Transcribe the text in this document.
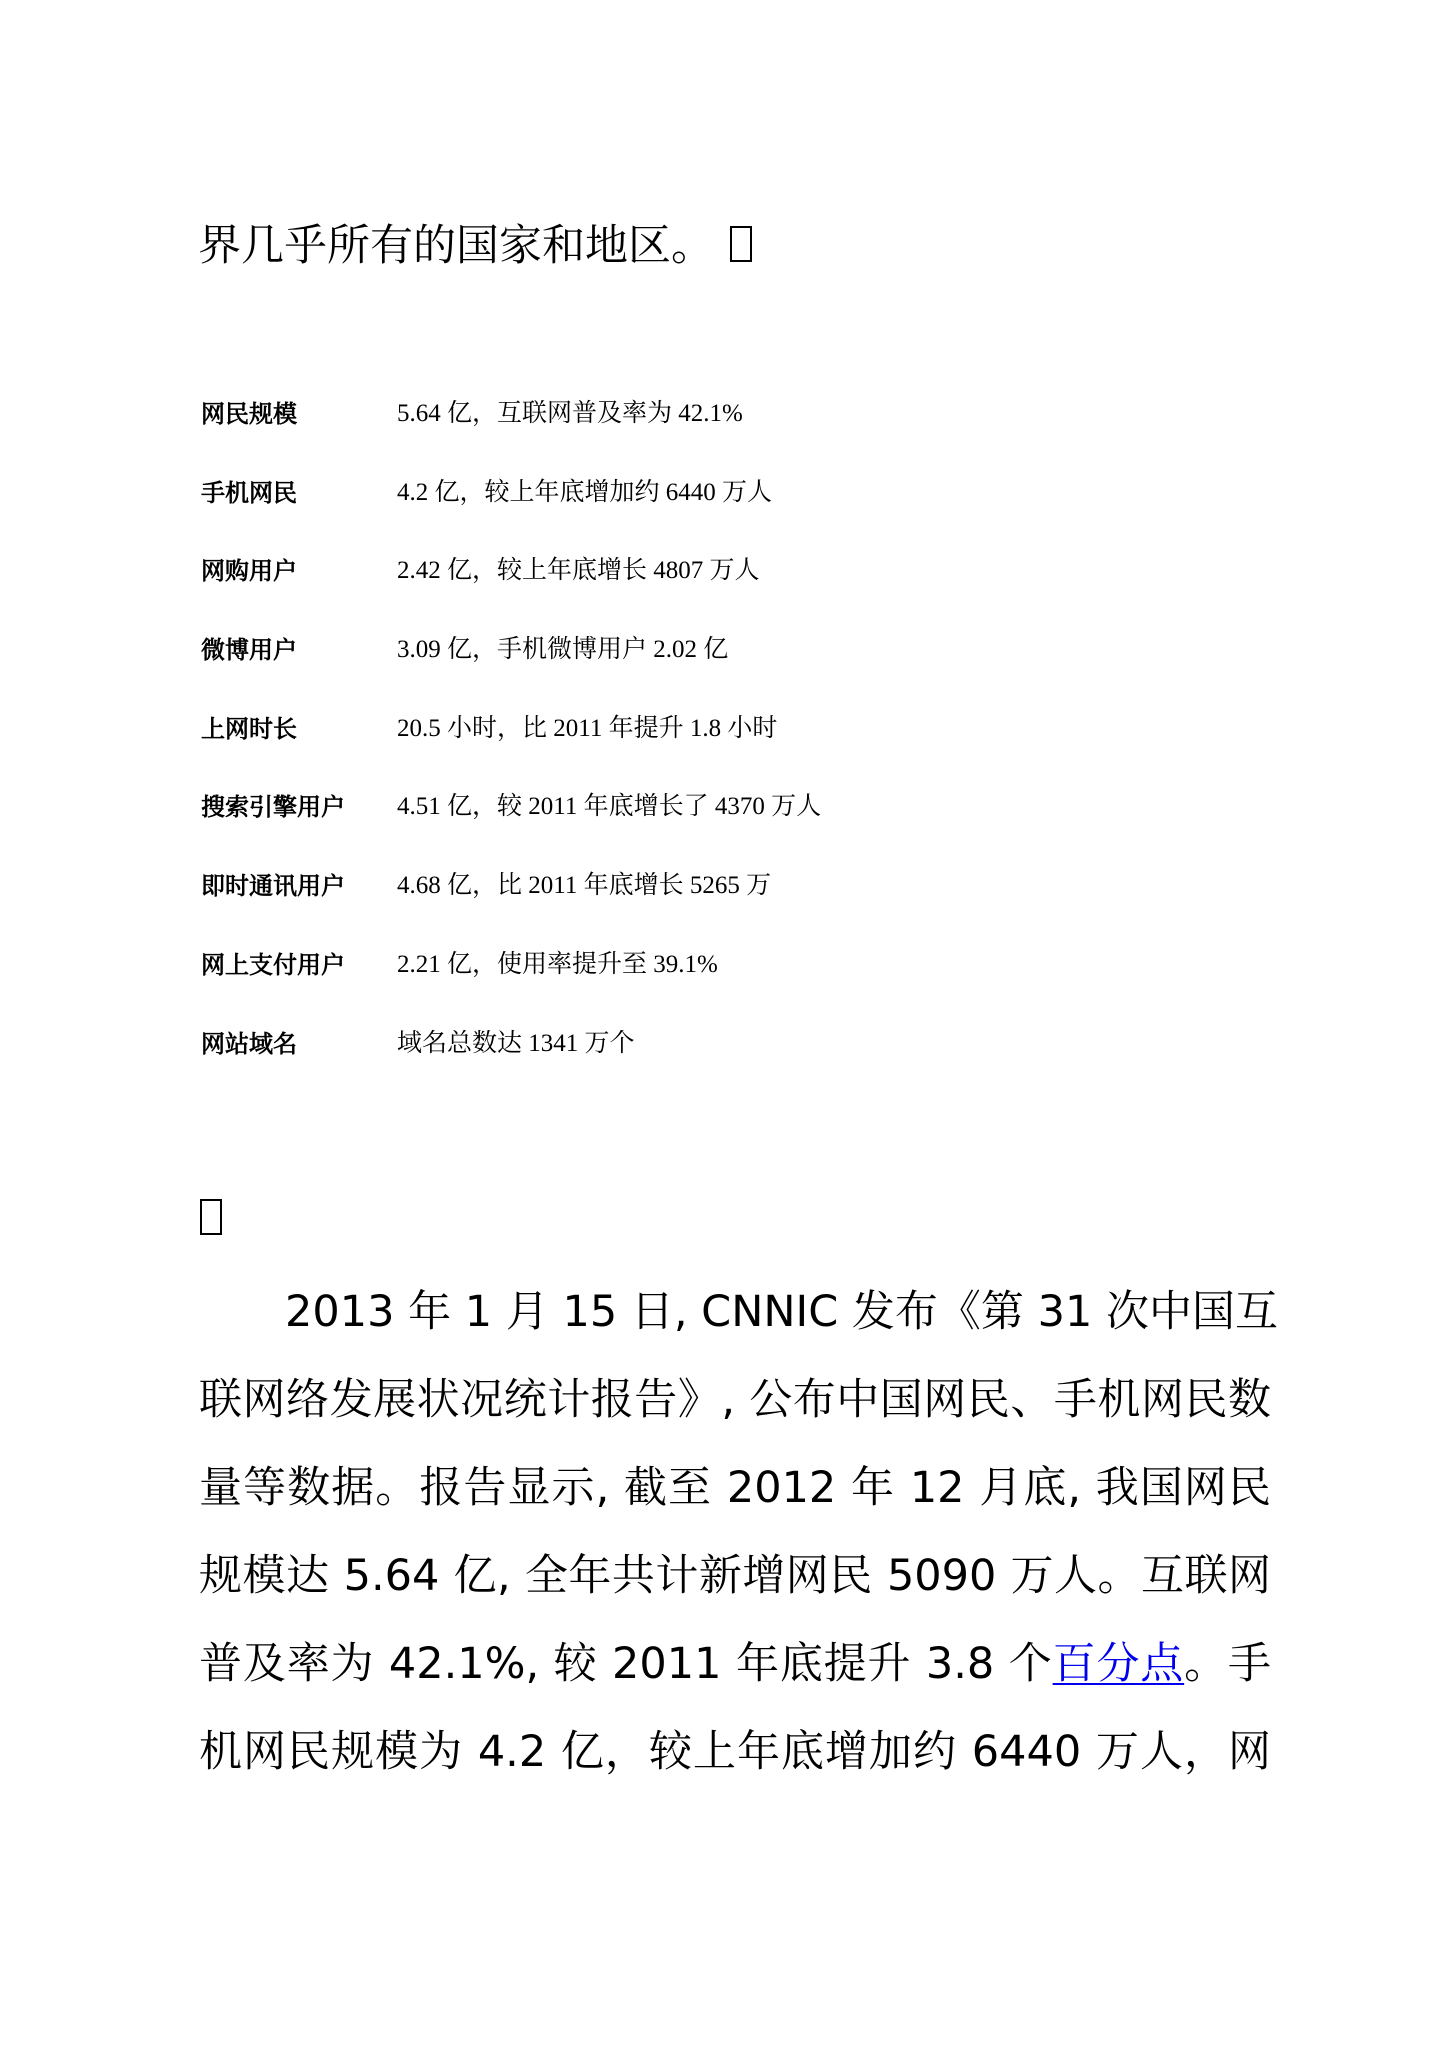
界几乎所有的国家和地区。
网民规模	5.64 亿，互联网普及率为 42.1%
手机网民	4.2 亿，较上年底增加约 6440 万人
网购用户	2.42 亿，较上年底增长 4807 万人
微博用户	3.09 亿，手机微博用户 2.02 亿
上网时长	20.5 小时，比 2011 年提升 1.8 小时
搜索引擎用户	4.51 亿，较 2011 年底增长了 4370 万人
即时通讯用户	4.68 亿，比 2011 年底增长 5265 万
网上支付用户	2.21 亿，使用率提升至 39.1%
网站域名	域名总数达 1341 万个
2013 年 1 月 15 日, CNNIC 发布《第 31 次中国互
联网络发展状况统计报告》, 公布中国网民、手机网民数
量等数据。报告显示, 截至 2012 年 12 月底, 我国网民
规模达 5.64 亿, 全年共计新增网民 5090 万人。互联网
普及率为 42.1%, 较 2011 年底提升 3.8 个百分点。手
机网民规模为 4.2 亿，较上年底增加约 6440 万人，网
